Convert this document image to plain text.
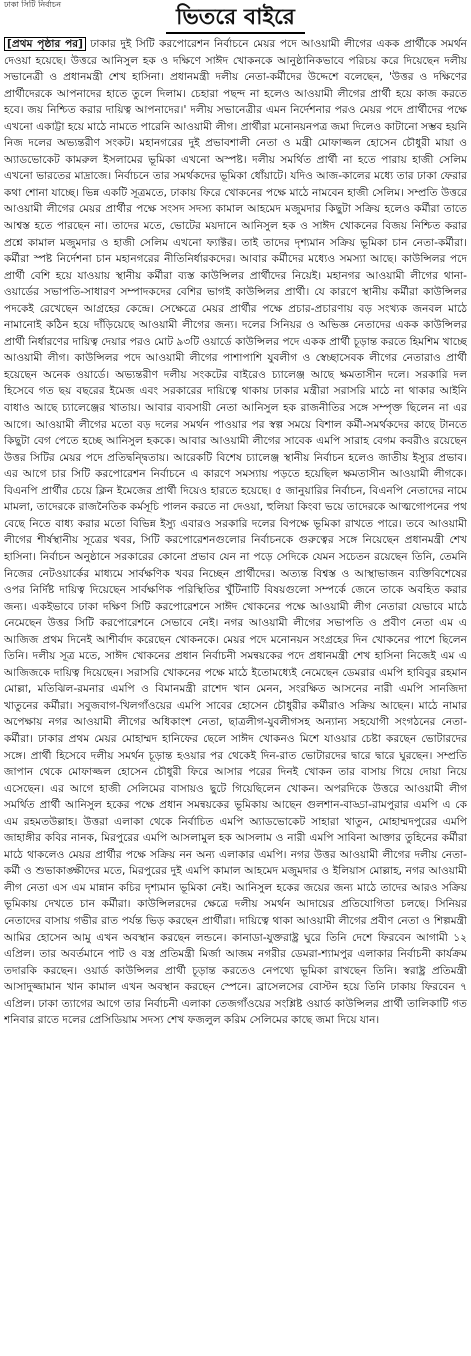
ঢাকা সিটি নির্বাচন
ভিতরে বাইরে

[প্রথম পৃষ্ঠার পর] ঢাকার দুই সিটি করপোরেশন নির্বাচনে মেয়র পদে আওয়ামী লীগের একক প্রার্থীকে সমর্থন দেওয়া হয়েছে। উত্তরে আনিসুল হক ও দক্ষিণে সাঈদ খোকনকে আনুষ্ঠানিকভাবে পরিচয় করে দিয়েছেন দলীয় সভানেত্রী ও প্রধানমন্ত্রী শেখ হাসিনা। প্রধানমন্ত্রী দলীয় নেতা-কর্মীদের উদ্দেশে বলেছেন, 'উত্তর ও দক্ষিণের প্রার্থীদেরকে আপনাদের হাতে তুলে দিলাম। চেহারা পছন্দ না হলেও আওয়ামী লীগের প্রার্থী হয়ে কাজ করতে হবে। জয় নিশ্চিত করার দায়িত্ব আপনাদের।' দলীয় সভানেত্রীর এমন নির্দেশনার পরও মেয়র পদে প্রার্থীদের পক্ষে এখনো একাট্টা হয়ে মাঠে নামতে পারেনি আওয়ামী লীগ। প্রার্থীরা মনোনয়নপত্র জমা দিলেও কাটানো সম্ভব হয়নি নিজ দলের অভ্যন্তরীণ সংকট। মহানগরের দুই প্রভাবশালী নেতা ও মন্ত্রী মোফাজ্জল হোসেন চৌধুরী মায়া ও অ্যাডভোকেট কামরুল ইসলামের ভূমিকা এখনো অস্পষ্ট। দলীয় সমর্থিত প্রার্থী না হতে পারায় হাজী সেলিম এখনো ভারতের মাদ্রাজে। নির্বাচনে তার সমর্থকদের ভূমিকা ধোঁয়াটে। যদিও আজ-কালের মধ্যে তার ঢাকা ফেরার কথা শোনা যাচ্ছে। ভিন্ন একটি সূত্রমতে, ঢাকায় ফিরে খোকনের পক্ষে মাঠে নামবেন হাজী সেলিম। সম্প্রতি উত্তরে আওয়ামী লীগের মেয়র প্রার্থীর পক্ষে সংসদ সদস্য কামাল আহমেদ মজুমদার কিছুটা সক্রিয় হলেও কর্মীরা তাতে আশ্বস্ত হতে পারছেন না। তাদের মতে, ভোটের ময়দানে আনিসুল হক ও সাঈদ খোকনের বিজয় নিশ্চিত করার প্রশ্নে কামাল মজুমদার ও হাজী সেলিম এখনো ফ্যাক্টর। তাই তাদের দৃশ্যমান সক্রিয় ভূমিকা চান নেতা-কর্মীরা। কর্মীরা স্পষ্ট নির্দেশনা চান মহানগরের নীতিনির্ধারকদের। আবার কর্মীদের মধ্যেও সমস্যা আছে। কাউন্সিলর পদে প্রার্থী বেশি হয়ে যাওয়ায় স্থানীয় কর্মীরা ব্যস্ত কাউন্সিলর প্রার্থীদের নিয়েই। মহানগর আওয়ামী লীগের থানা-ওয়ার্ডের সভাপতি-সাধারণ সম্পাদকদের বেশির ভাগই কাউন্সিলর প্রার্থী। যে কারণে স্থানীয় কর্মীরা কাউন্সিলর পদকেই রেখেছেন আগ্রহের কেন্দ্রে। সেক্ষেত্রে মেয়র প্রার্থীর পক্ষে প্রচার-প্রচারণায় বড় সংখ্যক জনবল মাঠে নামানোই কঠিন হয়ে দাঁড়িয়েছে আওয়ামী লীগের জন্য। দলের সিনিয়র ও অভিজ্ঞ নেতাদের একক কাউন্সিলর প্রার্থী নির্ধারণের দায়িত্ব দেয়ার পরও মোট ৯৩টি ওয়ার্ডে কাউন্সিলর পদে একক প্রার্থী চূড়ান্ত করতে হিমশিম খাচ্ছে আওয়ামী লীগ। কাউন্সিলর পদে আওয়ামী লীগের পাশাপাশি যুবলীগ ও স্বেচ্ছাসেবক লীগের নেতারাও প্রার্থী হয়েছেন অনেক ওয়ার্ডে। অভ্যন্তরীণ দলীয় সংকটের বাইরেও চ্যালেঞ্জ আছে ক্ষমতাসীন দলে। সরকারি দল হিসেবে গত ছয় বছরের ইমেজ এবং সরকারের দায়িত্বে থাকায় ঢাকার মন্ত্রীরা সরাসরি মাঠে না থাকার আইনি বাধাও আছে চ্যালেঞ্জের খাতায়। আবার ব্যবসায়ী নেতা আনিসুল হক রাজনীতির সঙ্গে সম্পৃক্ত ছিলেন না এর আগে। আওয়ামী লীগের মতো বড় দলের সমর্থন পাওয়ার পর স্বল্প সময়ে বিশাল কর্মী-সমর্থকদের কাছে টানতে কিছুটা বেগ পেতে হচ্ছে আনিসুল হককে। আবার আওয়ামী লীগের সাবেক এমপি সারাহ বেগম কবরীও রয়েছেন উত্তর সিটির মেয়র পদে প্রতিদ্বন্দ্বিতায়। আরেকটি বিশেষ চ্যালেঞ্জ স্থানীয় নির্বাচন হলেও জাতীয় ইস্যুর প্রভাব। এর আগে চার সিটি করপোরেশন নির্বাচনে এ কারণে সমস্যায় পড়তে হয়েছিল ক্ষমতাসীন আওয়ামী লীগকে। বিএনপি প্রার্থীর চেয়ে ক্লিন ইমেজের প্রার্থী দিয়েও হারতে হয়েছে। ৫ জানুয়ারির নির্বাচন, বিএনপি নেতাদের নামে মামলা, তাদেরকে রাজনৈতিক কর্মসূচি পালন করতে না দেওয়া, হুলিয়া কিংবা ভয়ে তাদেরকে আত্মগোপনের পথ বেছে নিতে বাধ্য করার মতো বিভিন্ন ইস্যু এবারও সরকারি দলের বিপক্ষে ভূমিকা রাখতে পারে। তবে আওয়ামী লীগের শীর্ষস্থানীয় সূত্রের খবর, সিটি করপোরেশনগুলোর নির্বাচনকে গুরুত্বের সঙ্গে নিয়েছেন প্রধানমন্ত্রী শেখ হাসিনা। নির্বাচন অনুষ্ঠানে সরকারের কোনো প্রভাব যেন না পড়ে সেদিকে যেমন সচেতন রয়েছেন তিনি, তেমনি নিজের নেটওয়ার্কের মাধ্যমে সার্বক্ষণিক খবর নিচ্ছেন প্রার্থীদের। অত্যন্ত বিশ্বস্ত ও আস্থাভাজন ব্যক্তিবিশেষের ওপর নির্দিষ্ট দায়িত্ব দিয়েছেন সার্বক্ষণিক পরিস্থিতির খুঁটিনাটি বিষয়গুলো সম্পর্কে জেনে তাকে অবহিত করার জন্য। একইভাবে ঢাকা দক্ষিণ সিটি করপোরেশনে সাঈদ খোকনের পক্ষে আওয়ামী লীগ নেতারা যেভাবে মাঠে নেমেছেন উত্তর সিটি করপোরেশনে সেভাবে নেই। নগর আওয়ামী লীগের সভাপতি ও প্রবীণ নেতা এম এ আজিজ প্রথম দিনেই আশীর্বাদ করেছেন খোকনকে। মেয়র পদে মনোনয়ন সংগ্রহের দিন খোকনের পাশে ছিলেন তিনি। দলীয় সূত্র মতে, সাঈদ খোকনের প্রধান নির্বাচনী সমন্বয়কের পদে প্রধানমন্ত্রী শেখ হাসিনা নিজেই এম এ আজিজকে দায়িত্ব দিয়েছেন। সরাসরি খোকনের পক্ষে মাঠে ইতোমধ্যেই নেমেছেন ডেমরার এমপি হাবিবুর রহমান মোল্লা, মতিঝিল-রমনার এমপি ও বিমানমন্ত্রী রাশেদ খান মেনন, সংরক্ষিত আসনের নারী এমপি সানজিদা খাতুনের কর্মীরা। সবুজবাগ-খিলগাঁওয়ের এমপি সাবের হোসেন চৌধুরীর কর্মীরাও সক্রিয় আছেন। মাঠে নামার অপেক্ষায় নগর আওয়ামী লীগের অধিকাংশ নেতা, ছাত্রলীগ-যুবলীগসহ অন্যান্য সহযোগী সংগঠনের নেতা-কর্মীরা। ঢাকার প্রথম মেয়র মোহাম্মদ হানিফের ছেলে সাঈদ খোকনও মিশে যাওয়ার চেষ্টা করছেন ভোটারদের সঙ্গে। প্রার্থী হিসেবে দলীয় সমর্থন চূড়ান্ত হওয়ার পর থেকেই দিন-রাত ভোটারদের দ্বারে দ্বারে ঘুরছেন। সম্প্রতি জাপান থেকে মোফাজ্জল হোসেন চৌধুরী ফিরে আসার পরের দিনই খোকন তার বাসায় গিয়ে দোয়া নিয়ে এসেছেন। এর আগে হাজী সেলিমের বাসায়ও ছুটে গিয়েছিলেন খোকন। অপরদিকে উত্তরে আওয়ামী লীগ সমর্থিত প্রার্থী আনিসুল হকের পক্ষে প্রধান সমন্বয়কের ভূমিকায় আছেন গুলশান-বাড্ডা-রামপুরার এমপি এ কে এম রহমতউল্লাহ। উত্তরা এলাকা থেকে নির্বাচিত এমপি অ্যাডভোকেট সাহারা খাতুন, মোহাম্মদপুরের এমপি জাহাঙ্গীর কবির নানক, মিরপুরের এমপি আসলামুল হক আসলাম ও নারী এমপি সাবিনা আক্তার তুহিনের কর্মীরা মাঠে থাকলেও মেয়র প্রার্থীর পক্ষে সক্রিয় নন অন্য এলাকার এমপি। নগর উত্তর আওয়ামী লীগের দলীয় নেতা-কর্মী ও শুভাকাঙ্ক্ষীদের মতে, মিরপুরের দুই এমপি কামাল আহমেদ মজুমদার ও ইলিয়াস মোল্লাহ, নগর আওয়ামী লীগ নেতা এস এম মান্নান কচির দৃশ্যমান ভূমিকা নেই। আনিসুল হকের জয়ের জন্য মাঠে তাদের আরও সক্রিয় ভূমিকায় দেখতে চান কর্মীরা। কাউন্সিলরদের ক্ষেত্রে দলীয় সমর্থন আদায়ের প্রতিযোগিতা চলছে। সিনিয়র নেতাদের বাসায় গভীর রাত পর্যন্ত ভিড় করছেন প্রার্থীরা। দায়িত্বে থাকা আওয়ামী লীগের প্রবীণ নেতা ও শিল্পমন্ত্রী আমির হোসেন আমু এখন অবস্থান করছেন লন্ডনে। কানাডা-যুক্তরাষ্ট্র ঘুরে তিনি দেশে ফিরবেন আগামী ১২ এপ্রিল। তার অবর্তমানে পাট ও বস্ত্র প্রতিমন্ত্রী মির্জা আজম নগরীর ডেমরা-শ্যামপুর এলাকার নির্বাচনী কার্যক্রম তদারকি করছেন। ওয়ার্ড কাউন্সিলর প্রার্থী চূড়ান্ত করতেও নেপথ্যে ভূমিকা রাখছেন তিনি। স্বরাষ্ট্র প্রতিমন্ত্রী আসাদুজ্জামান খান কামাল এখন অবস্থান করছেন স্পেনে। ব্রাসেলসের বোস্টন হয়ে তিনি ঢাকায় ফিরবেন ৭ এপ্রিল। ঢাকা ত্যাগের আগে তার নির্বাচনী এলাকা তেজগাঁওয়ের সংশ্লিষ্ট ওয়ার্ড কাউন্সিলর প্রার্থী তালিকাটি গত শনিবার রাতে দলের প্রেসিডিয়াম সদস্য শেখ ফজলুল করিম সেলিমের কাছে জমা দিয়ে যান।
